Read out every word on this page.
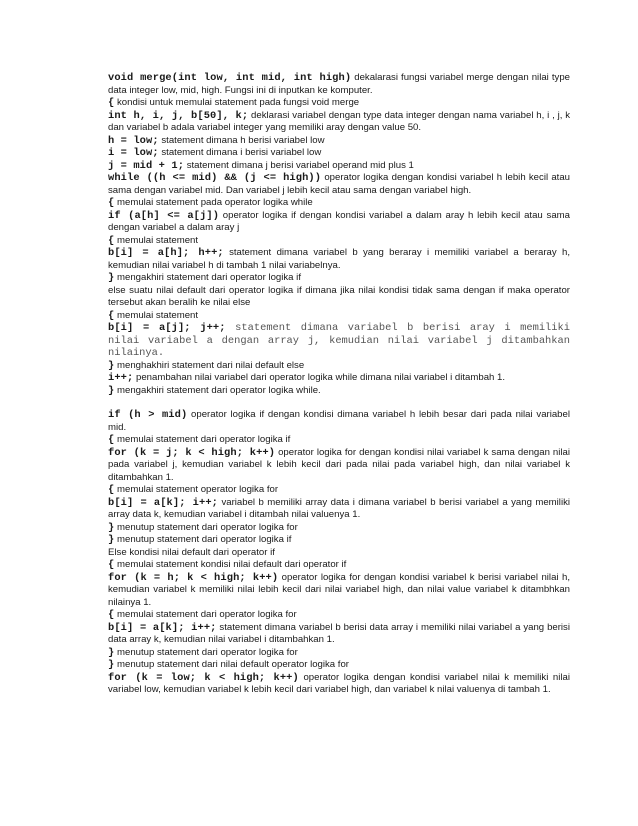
void merge(int low, int mid, int high) dekalarasi fungsi variabel merge dengan nilai type data integer low, mid, high. Fungsi ini di inputkan ke komputer.
{ kondisi untuk memulai statement pada fungsi void merge
int h, i, j, b[50], k; deklarasi variabel dengan type data integer dengan nama variabel h, i , j, k dan variabel b adala variabel integer yang memiliki aray dengan value 50.
h = low; statement dimana h berisi variabel low
i = low; statement dimana i berisi variabel low
j = mid + 1; statement dimana j berisi variabel operand mid plus 1
while ((h <= mid) && (j <= high)) operator logika dengan kondisi variabel h lebih kecil atau sama dengan variabel mid. Dan variabel j lebih kecil atau sama dengan variabel high.
{ memulai statement pada operator logika while
if (a[h] <= a[j]) operator logika if dengan kondisi variabel a dalam aray h lebih kecil atau sama dengan variabel a dalam aray j
{ memulai statement
b[i] = a[h]; h++; statement dimana variabel b yang beraray i memiliki variabel a beraray h, kemudian nilai variabel h di tambah 1 nilai variabelnya.
} mengakhiri statement dari operator logika if
else suatu nilai default dari operator logika if dimana jika nilai kondisi tidak sama dengan if maka operator tersebut akan beralih ke nilai else
{ memulai statement
b[i] = a[j]; j++; statement dimana variabel b berisi aray i memiliki nilai variabel a dengan array j, kemudian nilai variabel j ditambahkan nilainya.
} menghakhiri statement dari nilai default else
i++; penambahan nilai variabel dari operator logika while dimana nilai variabel i ditambah 1.
} mengakhiri statement dari operator logika while.
if (h > mid) operator logika if dengan kondisi dimana variabel h lebih besar dari pada nilai variabel mid.
{ memulai statement dari operator logika if
for (k = j; k < high; k++) operator logika for dengan kondisi nilai variabel k sama dengan nilai pada variabel j, kemudian variabel k lebih kecil dari pada nilai pada variabel high, dan nilai variabel k ditambahkan 1.
{ memulai statement operator logika for
b[i] = a[k]; i++; variabel b memiliki array data i dimana variabel b berisi variabel a yang memiliki array data k, kemudian variabel i ditambah nilai valuenya 1.
} menutup statement dari operator logika for
} menutup statement dari operator logika if
Else kondisi nilai default dari operator if
{ memulai statement kondisi nilai default dari operator if
for (k = h; k < high; k++) operator logika for dengan kondisi variabel k berisi variabel nilai h, kemudian variabel k memiliki nilai lebih kecil dari nilai variabel high, dan nilai value variabel k ditambhkan nilainya 1.
{ memulai statement dari operator logika for
b[i] = a[k]; i++; statement dimana variabel b berisi data array i memiliki nilai variabel a yang berisi data array k, kemudian nilai variabel i ditambahkan 1.
} menutup statement dari operator logika for
} menutup statement dari nilai default operator logika for
for (k = low; k < high; k++) operator logika dengan kondisi variabel nilai k memiliki nilai variabel low, kemudian variabel k lebih kecil dari variabel high, dan variabel k nilai valuenya di tambah 1.
